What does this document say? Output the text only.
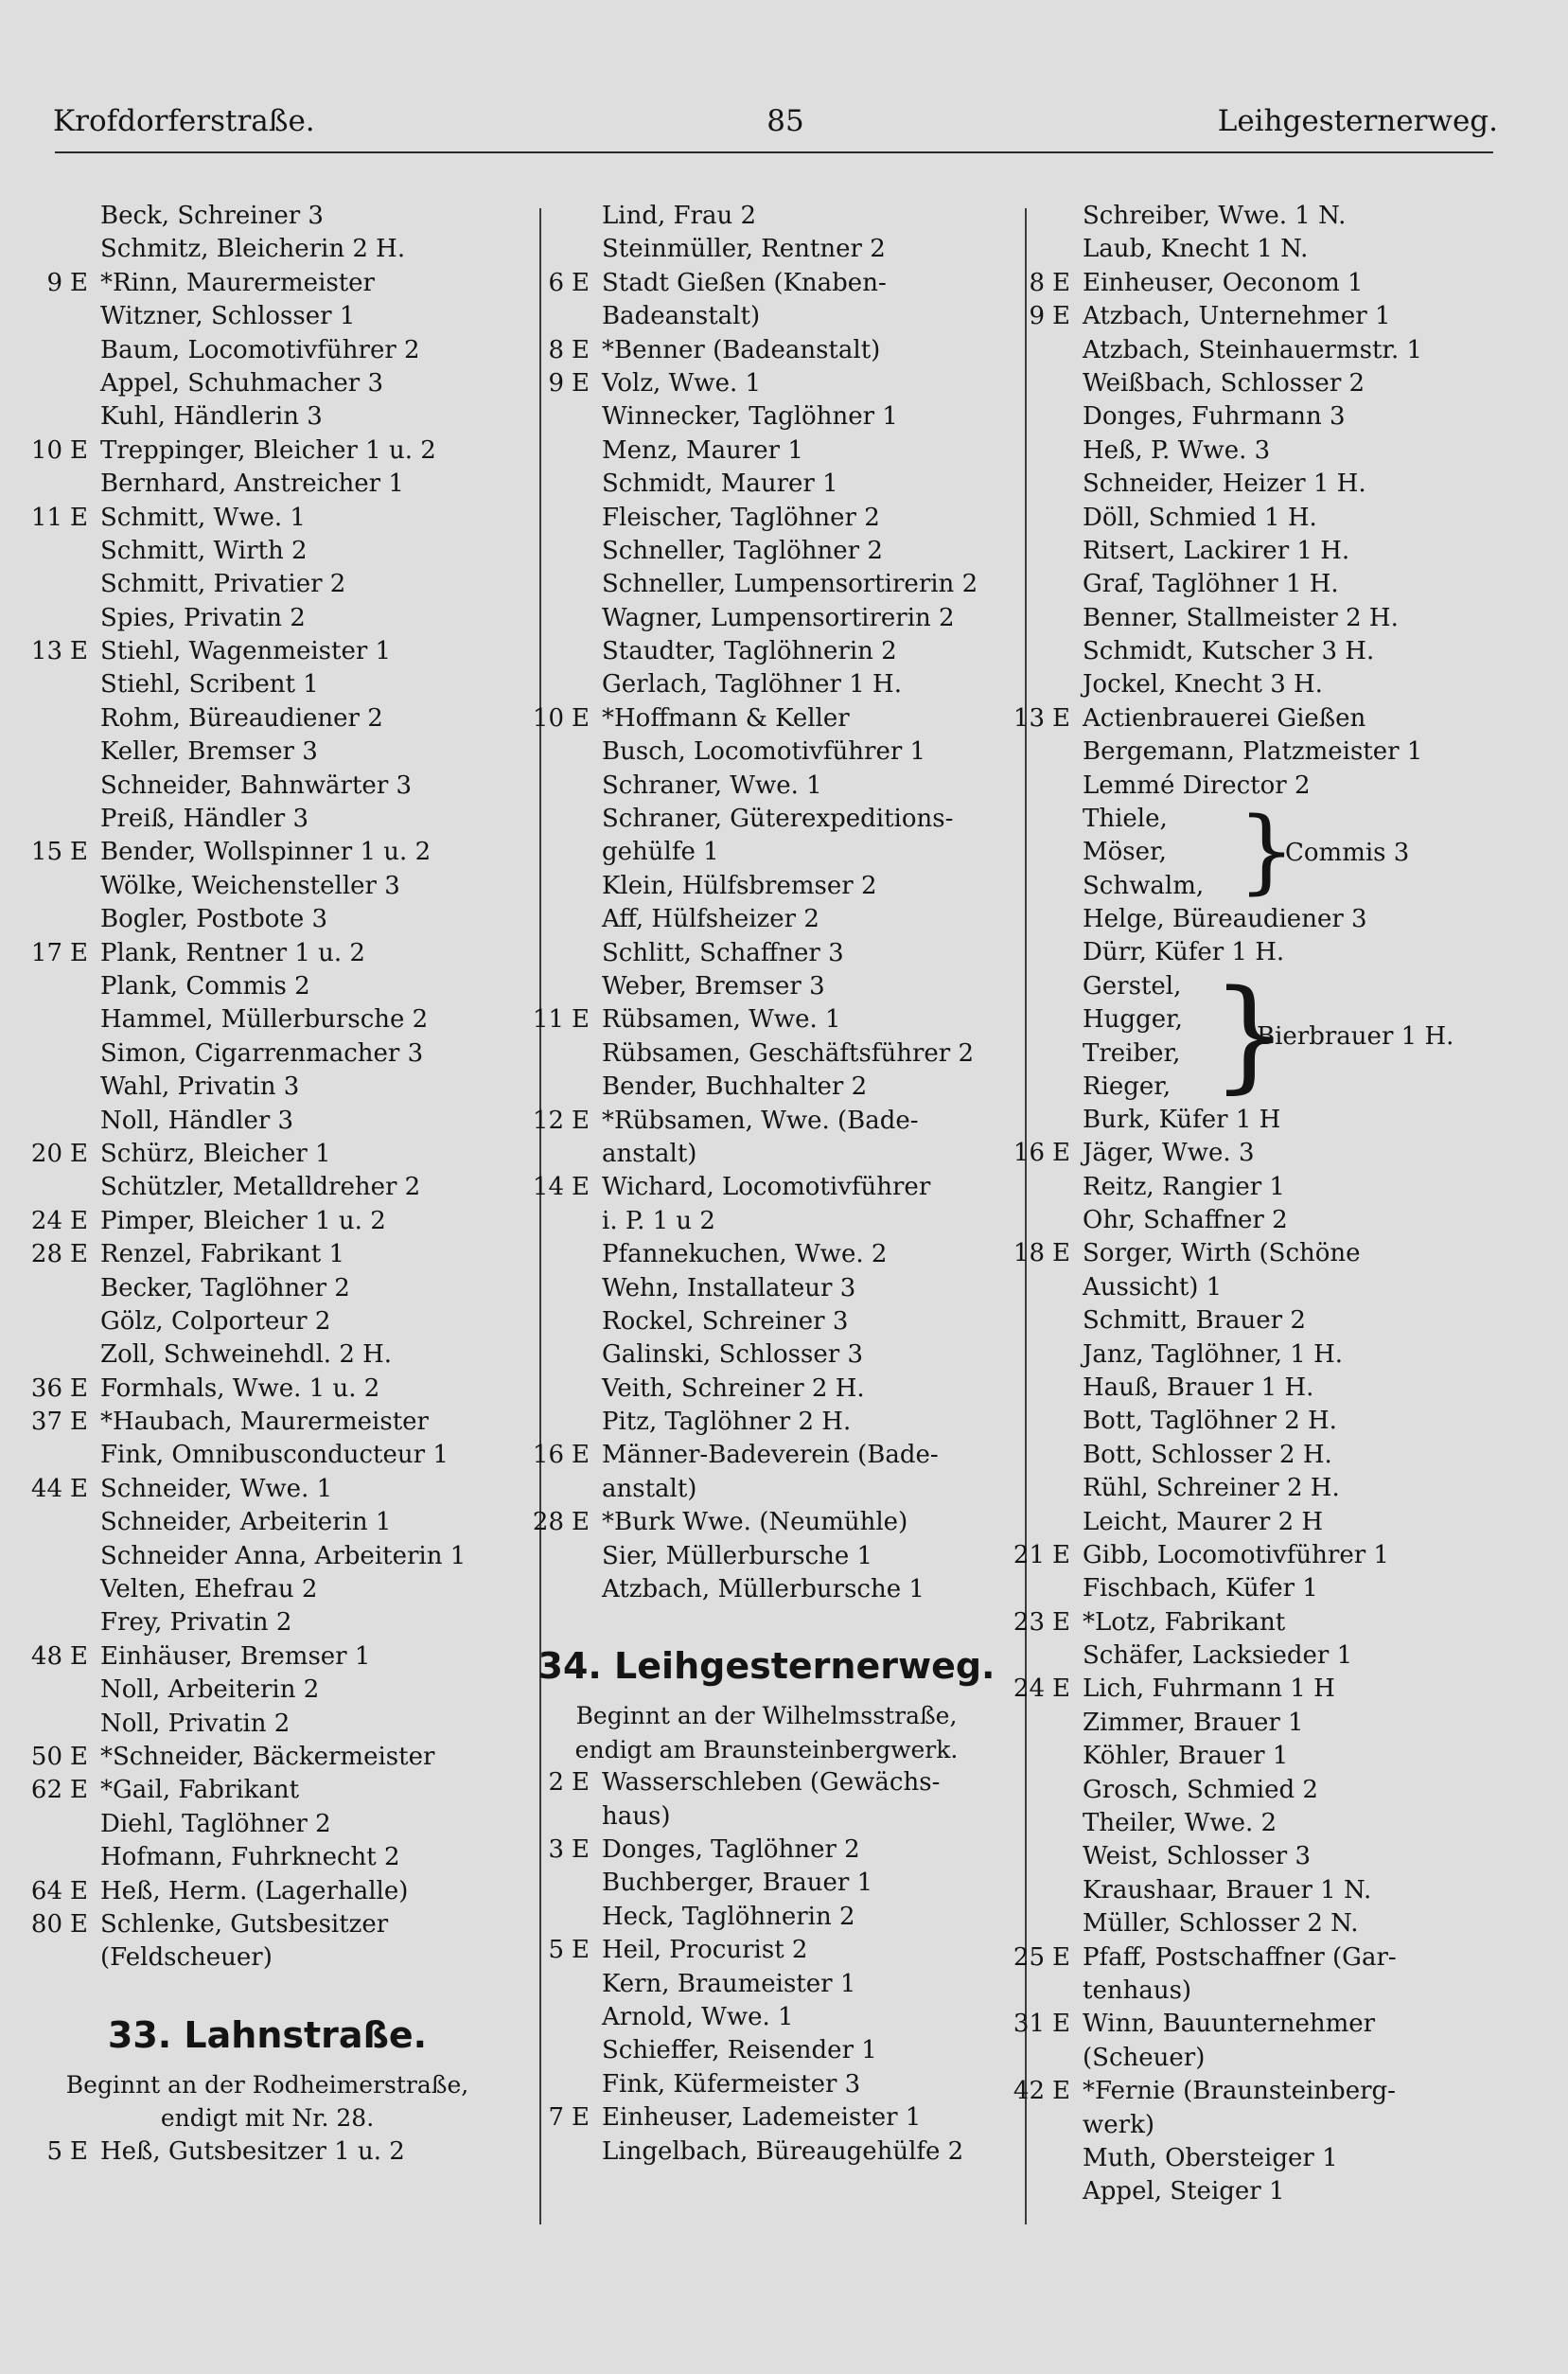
Krofdorferstraße.	85	Leihgesternerweg.
Beck, Schreiner 3
Schmitz, Bleicherin 2 H.
9 E *Rinn, Maurermeister
Witzner, Schlosser 1
Baum, Locomotivführer 2
Appel, Schuhmacher 3
Kuhl, Händlerin 3
10 E Treppinger, Bleicher 1 u. 2
Bernhard, Anstreicher 1
11 E Schmitt, Wwe. 1
Schmitt, Wirth 2
Schmitt, Privatier 2
Spies, Privatin 2
13 E Stiehl, Wagenmeister 1
Stiehl, Scribent 1
Rohm, Büreaudiener 2
Keller, Bremser 3
Schneider, Bahnwärter 3
Preiß, Händler 3
15 E Bender, Wollspinner 1 u. 2
Wölke, Weichensteller 3
Bogler, Postbote 3
17 E Plank, Rentner 1 u. 2
Plank, Commis 2
Hammel, Müllerbursche 2
Simon, Cigarrenmacher 3
Wahl, Privatin 3
Noll, Händler 3
20 E Schürz, Bleicher 1
Schützler, Metalldreher 2
24 E Pimper, Bleicher 1 u. 2
28 E Renzel, Fabrikant 1
Becker, Taglöhner 2
Gölz, Colporteur 2
Zoll, Schweinehdl. 2 H.
36 E Formhals, Wwe. 1 u. 2
37 E *Haubach, Maurermeister
Fink, Omnibusconducteur 1
44 E Schneider, Wwe. 1
Schneider, Arbeiterin 1
Schneider Anna, Arbeiterin 1
Velten, Ehefrau 2
Frey, Privatin 2
48 E Einhäuser, Bremser 1
Noll, Arbeiterin 2
Noll, Privatin 2
50 E *Schneider, Bäckermeister
62 E *Gail, Fabrikant
Diehl, Taglöhner 2
Hofmann, Fuhrknecht 2
64 E Heß, Herm. (Lagerhalle)
80 E Schlenke, Gutsbesitzer
(Feldscheuer)
33. Lahnstraße.
Beginnt an der Rodheimerstraße,
endigt mit Nr. 28.
5 E Heß, Gutsbesitzer 1 u. 2
Lind, Frau 2
Steinmüller, Rentner 2
6 E Stadt Gießen (Knaben-
Badeanstalt)
8 E *Benner (Badeanstalt)
9 E Volz, Wwe. 1
Winnecker, Taglöhner 1
Menz, Maurer 1
Schmidt, Maurer 1
Fleischer, Taglöhner 2
Schneller, Taglöhner 2
Schneller, Lumpensortirerin 2
Wagner, Lumpensortirerin 2
Staudter, Taglöhnerin 2
Gerlach, Taglöhner 1 H.
10 E *Hoffmann & Keller
Busch, Locomotivführer 1
Schraner, Wwe. 1
Schraner, Güterexpeditions-
gehülfe 1
Klein, Hülfsbremser 2
Aff, Hülfsheizer 2
Schlitt, Schaffner 3
Weber, Bremser 3
11 E Rübsamen, Wwe. 1
Rübsamen, Geschäftsführer 2
Bender, Buchhalter 2
12 E *Rübsamen, Wwe. (Bade-
anstalt)
14 E Wichard, Locomotivführer
i. P. 1 u 2
Pfannekuchen, Wwe. 2
Wehn, Installateur 3
Rockel, Schreiner 3
Galinski, Schlosser 3
Veith, Schreiner 2 H.
Pitz, Taglöhner 2 H.
16 E Männer-Badeverein (Bade-
anstalt)
28 E *Burk Wwe. (Neumühle)
Sier, Müllerbursche 1
Atzbach, Müllerbursche 1
34. Leihgesternerweg.
Beginnt an der Wilhelmsstraße,
endigt am Braunsteinbergwerk.
2 E Wasserschleben (Gewächs-
haus)
3 E Donges, Taglöhner 2
Buchberger, Brauer 1
Heck, Taglöhnerin 2
5 E Heil, Procurist 2
Kern, Braumeister 1
Arnold, Wwe. 1
Schieffer, Reisender 1
Fink, Küfermeister 3
7 E Einheuser, Lademeister 1
Lingelbach, Büreaugehülfe 2
Schreiber, Wwe. 1 N.
Laub, Knecht 1 N.
8 E Einheuser, Oeconom 1
9 E Atzbach, Unternehmer 1
Atzbach, Steinhauermstr. 1
Weißbach, Schlosser 2
Donges, Fuhrmann 3
Heß, P. Wwe. 3
Schneider, Heizer 1 H.
Döll, Schmied 1 H.
Ritsert, Lackirer 1 H.
Graf, Taglöhner 1 H.
Benner, Stallmeister 2 H.
Schmidt, Kutscher 3 H.
Jockel, Knecht 3 H.
13 E Actienbrauerei Gießen
Bergemann, Platzmeister 1
Lemmé Director 2
Thiele,
Möser,
Schwalm, }
Commis 3
Helge, Büreaudiener 3
Dürr, Küfer 1 H.
Gerstel,
Hugger,
Treiber,
Rieger, }
Bierbrauer 1 H.
Burk, Küfer 1 H
16 E Jäger, Wwe. 3
Reitz, Rangier 1
Ohr, Schaffner 2
18 E Sorger, Wirth (Schöne
Aussicht) 1
Schmitt, Brauer 2
Janz, Taglöhner, 1 H.
Hauß, Brauer 1 H.
Bott, Taglöhner 2 H.
Bott, Schlosser 2 H.
Rühl, Schreiner 2 H.
Leicht, Maurer 2 H
21 E Gibb, Locomotivführer 1
Fischbach, Küfer 1
23 E *Lotz, Fabrikant
Schäfer, Lacksieder 1
24 E Lich, Fuhrmann 1 H
Zimmer, Brauer 1
Köhler, Brauer 1
Grosch, Schmied 2
Theiler, Wwe. 2
Weist, Schlosser 3
Kraushaar, Brauer 1 N.
Müller, Schlosser 2 N.
25 E Pfaff, Postschaffner (Gar-
tenhaus)
31 E Winn, Bauunternehmer
(Scheuer)
42 E *Fernie (Braunsteinberg-
werk)
Muth, Obersteiger 1
Appel, Steiger 1
